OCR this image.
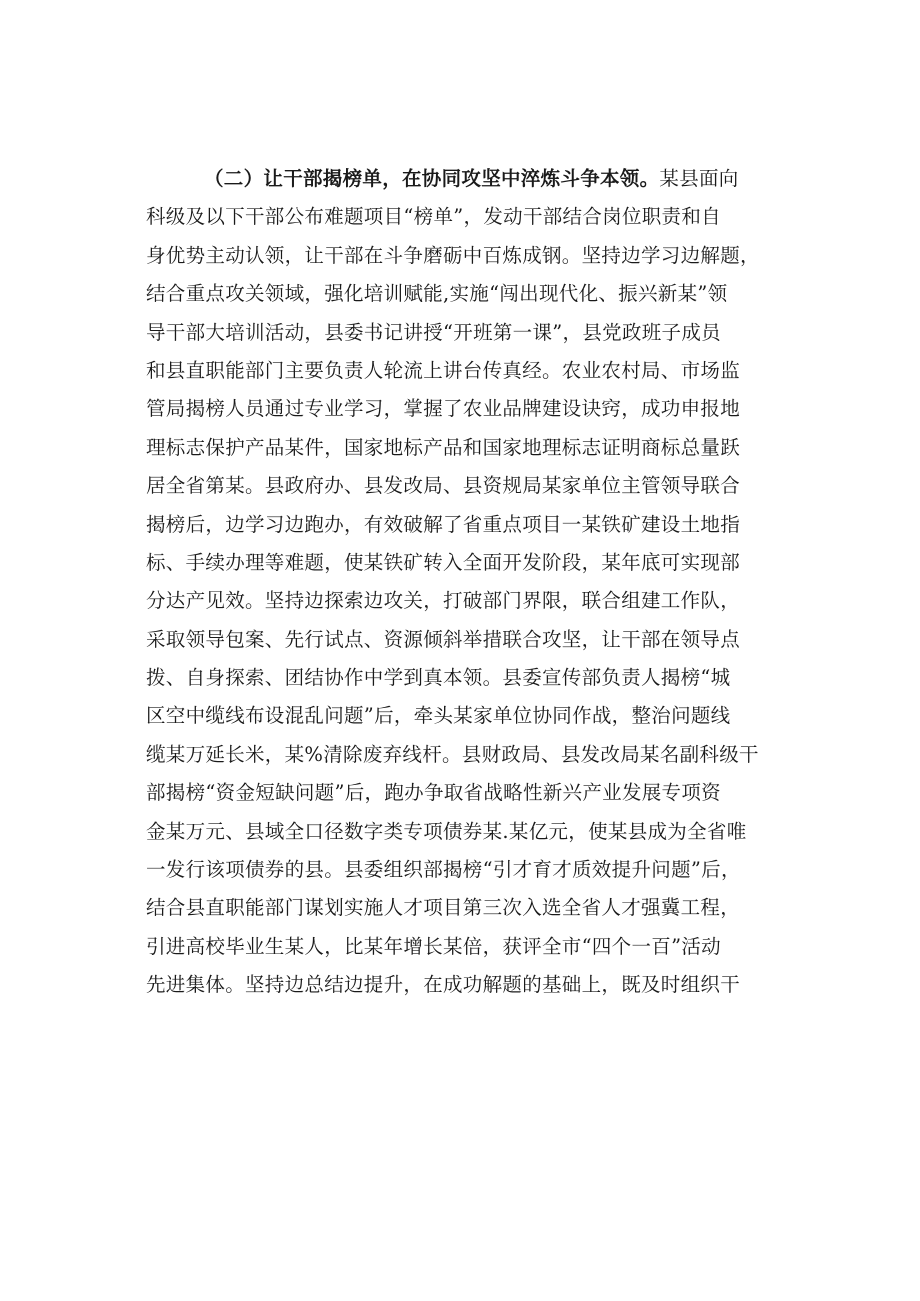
（二）让干部揭榜单，在协同攻坚中淬炼斗争本领。某县面向
科级及以下干部公布难题项目“榜单”，发动干部结合岗位职责和自
身优势主动认领，让干部在斗争磨砺中百炼成钢。坚持边学习边解题，
结合重点攻关领域，强化培训赋能,实施“闯出现代化、振兴新某”领
导干部大培训活动，县委书记讲授“开班第一课”，县党政班子成员
和县直职能部门主要负责人轮流上讲台传真经。农业农村局、市场监
管局揭榜人员通过专业学习，掌握了农业品牌建设诀窍，成功申报地
理标志保护产品某件，国家地标产品和国家地理标志证明商标总量跃
居全省第某。县政府办、县发改局、县资规局某家单位主管领导联合
揭榜后，边学习边跑办，有效破解了省重点项目一某铁矿建设土地指
标、手续办理等难题，使某铁矿转入全面开发阶段，某年底可实现部
分达产见效。坚持边探索边攻关，打破部门界限，联合组建工作队，
采取领导包案、先行试点、资源倾斜举措联合攻坚，让干部在领导点
拨、自身探索、团结协作中学到真本领。县委宣传部负责人揭榜“城
区空中缆线布设混乱问题”后，牵头某家单位协同作战，整治问题线
缆某万延长米，某%清除废弃线杆。县财政局、县发改局某名副科级干
部揭榜“资金短缺问题”后，跑办争取省战略性新兴产业发展专项资
金某万元、县域全口径数字类专项债券某.某亿元，使某县成为全省唯
一发行该项债券的县。县委组织部揭榜“引才育才质效提升问题”后，
结合县直职能部门谋划实施人才项目第三次入选全省人才强冀工程，
引进高校毕业生某人，比某年增长某倍，获评全市“四个一百”活动
先进集体。坚持边总结边提升，在成功解题的基础上，既及时组织干
